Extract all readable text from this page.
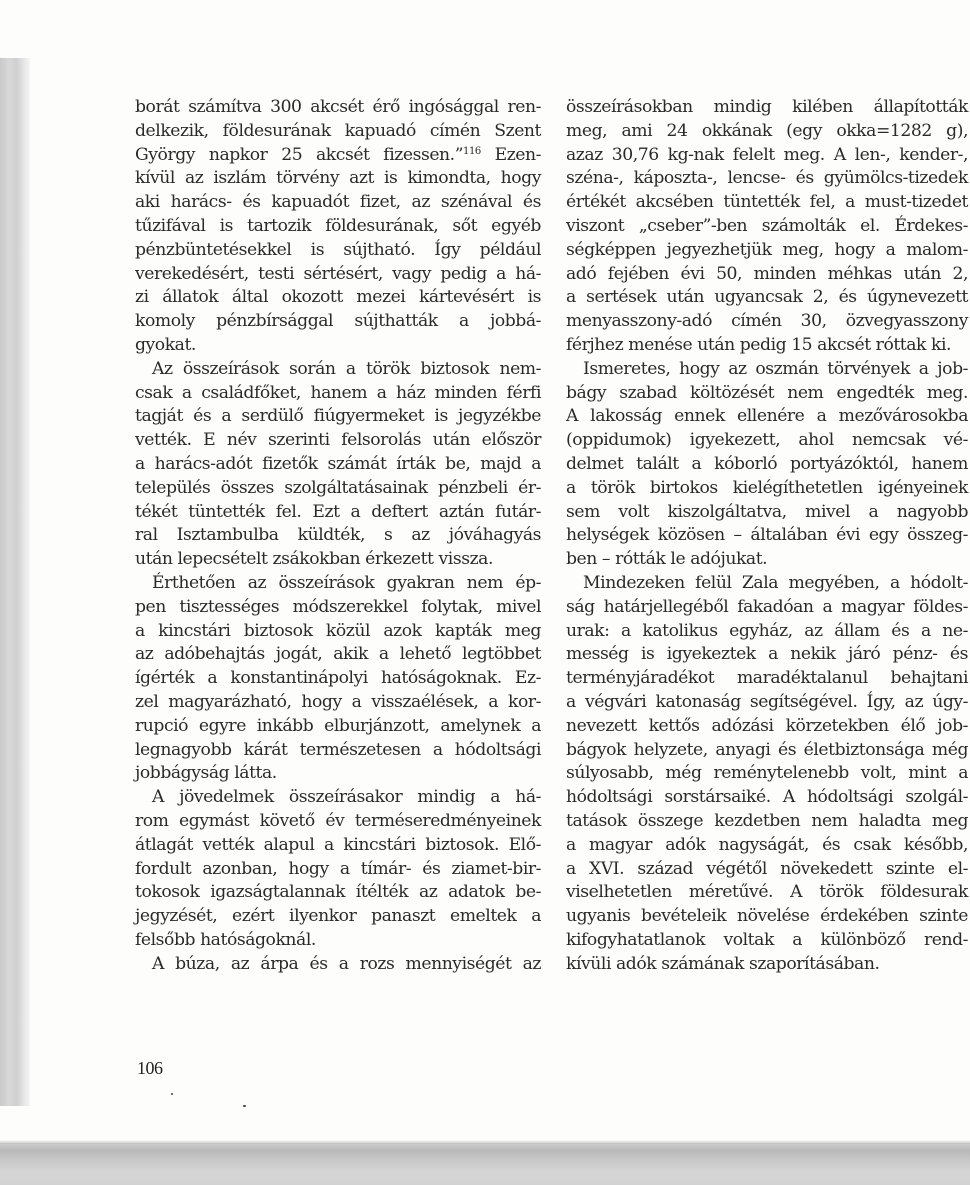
borát számítva 300 akcsét érő ingósággal ren-
delkezik, földesurának kapuadó címén Szent
György napkor 25 akcsét fizessen.”$^{116}$ Ezen-
kívül az iszlám törvény azt is kimondta, hogy
aki harács- és kapuadót fizet, az szénával és
tűzifával is tartozik földesurának, sőt egyéb
pénzbüntetésekkel is sújtható. Így például
verekedésért, testi sértésért, vagy pedig a há-
zi állatok által okozott mezei kártevésért is
komoly pénzbírsággal sújthatták a jobbá-
gyokat.
Az összeírások során a török biztosok nem-
csak a családfőket, hanem a ház minden férfi
tagját és a serdülő fiúgyermeket is jegyzékbe
vették. E név szerinti felsorolás után először
a harács-adót fizetők számát írták be, majd a
település összes szolgáltatásainak pénzbeli ér-
tékét tüntették fel. Ezt a deftert aztán futár-
ral Isztambulba küldték, s az jóváhagyás
után lepecsételt zsákokban érkezett vissza.
Érthetően az összeírások gyakran nem ép-
pen tisztességes módszerekkel folytak, mivel
a kincstári biztosok közül azok kapták meg
az adóbehajtás jogát, akik a lehető legtöbbet
ígérték a konstantinápolyi hatóságoknak. Ez-
zel magyarázható, hogy a visszaélések, a kor-
rupció egyre inkább elburjánzott, amelynek a
legnagyobb kárát természetesen a hódoltsági
jobbágyság látta.
A jövedelmek összeírásakor mindig a há-
rom egymást követő év terméseredményeinek
átlagát vették alapul a kincstári biztosok. Elő-
fordult azonban, hogy a tímár- és ziamet-bir-
tokosok igazságtalannak ítélték az adatok be-
jegyzését, ezért ilyenkor panaszt emeltek a
felsőbb hatóságoknál.
A búza, az árpa és a rozs mennyiségét az
összeírásokban mindig kilében állapították
meg, ami 24 okkának (egy okka=1282 g),
azaz 30,76 kg-nak felelt meg. A len-, kender-,
széna-, káposzta-, lencse- és gyümölcs-tizedek
értékét akcsében tüntették fel, a must-tizedet
viszont „cseber”-ben számolták el. Érdekes-
ségképpen jegyezhetjük meg, hogy a malom-
adó fejében évi 50, minden méhkas után 2,
a sertések után ugyancsak 2, és úgynevezett
menyasszony-adó címén 30, özvegyasszony
férjhez menése után pedig 15 akcsét róttak ki.
Ismeretes, hogy az oszmán törvények a job-
bágy szabad költözését nem engedték meg.
A lakosság ennek ellenére a mezővárosokba
(oppidumok) igyekezett, ahol nemcsak vé-
delmet talált a kóborló portyázóktól, hanem
a török birtokos kielégíthetetlen igényeinek
sem volt kiszolgáltatva, mivel a nagyobb
helységek közösen – általában évi egy összeg-
ben – rótták le adójukat.
Mindezeken felül Zala megyében, a hódolt-
ság határjellegéből fakadóan a magyar földes-
urak: a katolikus egyház, az állam és a ne-
messég is igyekeztek a nekik járó pénz- és
terményjáradékot maradéktalanul behajtani
a végvári katonaság segítségével. Így, az úgy-
nevezett kettős adózási körzetekben élő job-
bágyok helyzete, anyagi és életbiztonsága még
súlyosabb, még reménytelenebb volt, mint a
hódoltsági sorstársaiké. A hódoltsági szolgál-
tatások összege kezdetben nem haladta meg
a magyar adók nagyságát, és csak később,
a XVI. század végétől növekedett szinte el-
viselhetetlen méretűvé. A török földesurak
ugyanis bevételeik növelése érdekében szinte
kifogyhatatlanok voltak a különböző rend-
kívüli adók számának szaporításában.
106
